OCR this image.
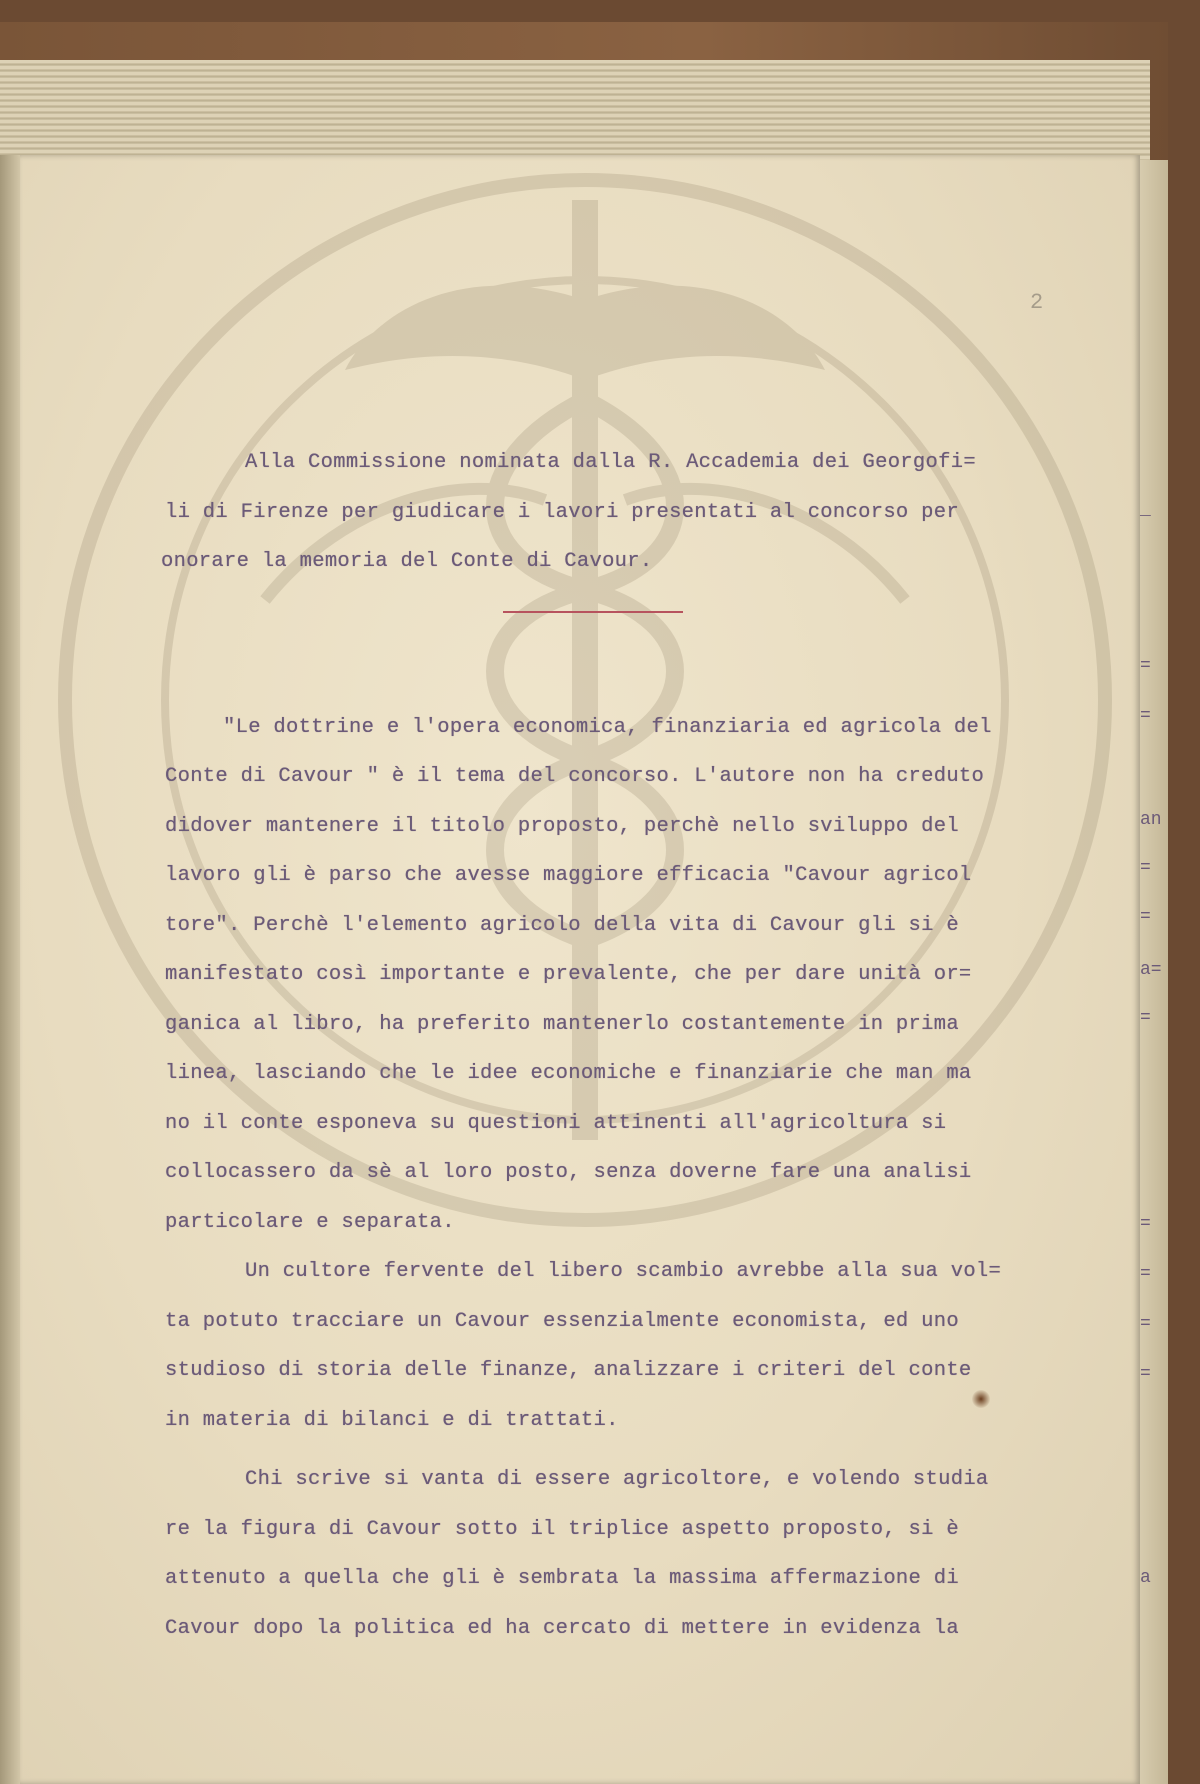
2
Alla Commissione nominata dalla R. Accademia dei Georgofi=
li di Firenze per giudicare i lavori presentati al concorso per
onorare la memoria del Conte di Cavour.
"Le dottrine e l'opera economica, finanziaria ed agricola del
Conte di Cavour " è il tema del concorso. L'autore non ha creduto
didover mantenere il titolo proposto, perchè nello sviluppo del
lavoro gli è parso che avesse maggiore efficacia "Cavour agricol
tore". Perchè l'elemento agricolo della vita di Cavour gli si è
manifestato così importante e prevalente, che per dare unità or=
ganica al libro, ha preferito mantenerlo costantemente in prima
linea, lasciando che le idee economiche e finanziarie che man ma
no il conte esponeva su questioni attinenti all'agricoltura si
collocassero da sè al loro posto, senza doverne fare una analisi
particolare e separata.
Un cultore fervente del libero scambio avrebbe alla sua vol=
ta potuto tracciare un Cavour essenzialmente economista, ed uno
studioso di storia delle finanze, analizzare i criteri del conte
in materia di bilanci e di trattati.
Chi scrive si vanta di essere agricoltore, e volendo studia
re la figura di Cavour sotto il triplice aspetto proposto, si è
attenuto a quella che gli è sembrata la massima affermazione di
Cavour dopo la politica ed ha cercato di mettere in evidenza la
_
=
=
an
=
=
a=
=
=
=
=
=
a
